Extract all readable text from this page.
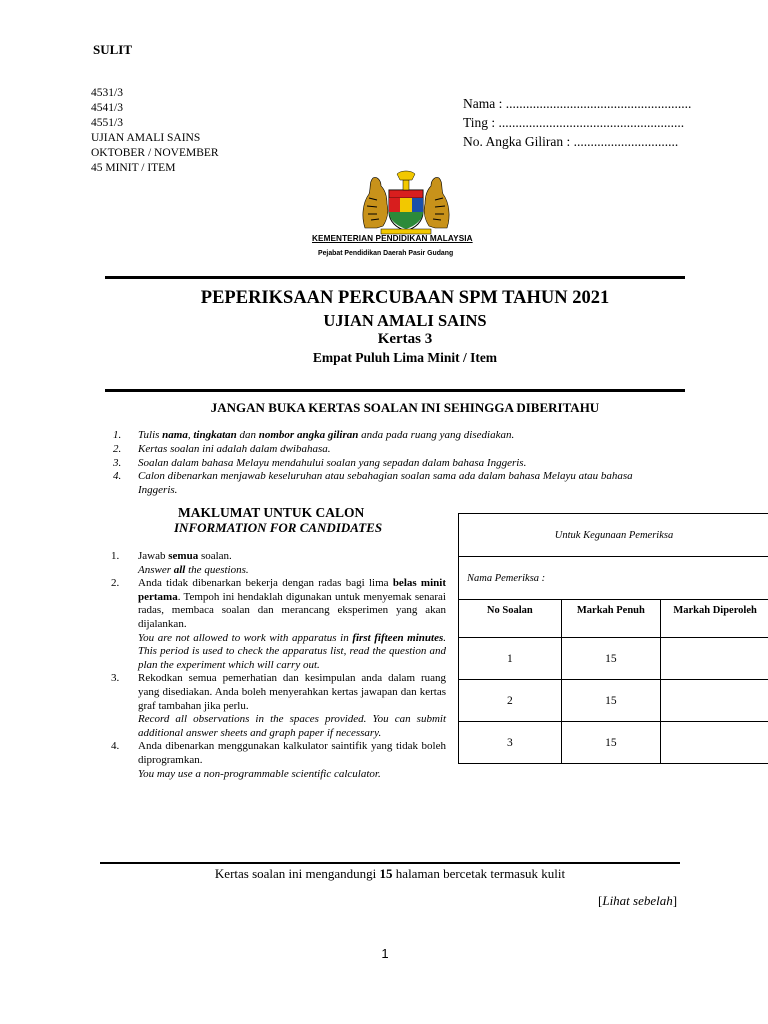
SULIT
4531/3
4541/3
4551/3
UJIAN AMALI SAINS
OKTOBER / NOVEMBER
45 MINIT / ITEM
Nama : .......................................................
Ting : .......................................................
No. Angka Giliran : ...............................
KEMENTERIAN PENDIDIKAN MALAYSIA
Pejabat Pendidikan Daerah Pasir Gudang
PEPERIKSAAN PERCUBAAN SPM TAHUN 2021
UJIAN AMALI SAINS
Kertas 3
Empat Puluh Lima Minit / Item
JANGAN BUKA KERTAS SOALAN INI SEHINGGA DIBERITAHU
1. Tulis nama, tingkatan dan nombor angka giliran anda pada ruang yang disediakan.
2. Kertas soalan ini adalah dalam dwibahasa.
3. Soalan dalam bahasa Melayu mendahului soalan yang sepadan dalam bahasa Inggeris.
4. Calon dibenarkan menjawab keseluruhan atau sebahagian soalan sama ada dalam bahasa Melayu atau bahasa Inggeris.
MAKLUMAT UNTUK CALON
INFORMATION FOR CANDIDATES
1. Jawab semua soalan.
Answer all the questions.
2. Anda tidak dibenarkan bekerja dengan radas bagi lima belas minit pertama. Tempoh ini hendaklah digunakan untuk menyemak senarai radas, membaca soalan dan merancang eksperimen yang akan dijalankan.
You are not allowed to work with apparatus in first fifteen minutes. This period is used to check the apparatus list, read the question and plan the experiment which will carry out.
3. Rekodkan semua pemerhatian dan kesimpulan anda dalam ruang yang disediakan. Anda boleh menyerahkan kertas jawapan dan kertas graf tambahan jika perlu.
Record all observations in the spaces provided. You can submit additional answer sheets and graph paper if necessary.
4. Anda dibenarkan menggunakan kalkulator saintifik yang tidak boleh diprogramkan.
You may use a non-programmable scientific calculator.
Untuk Kegunaan Pemeriksa		
Nama Pemeriksa :		
No Soalan	Markah Penuh	Markah Diperoleh
1	15	
2	15	
3	15	
Kertas soalan ini mengandungi 15 halaman bercetak termasuk kulit
[Lihat sebelah]
1
